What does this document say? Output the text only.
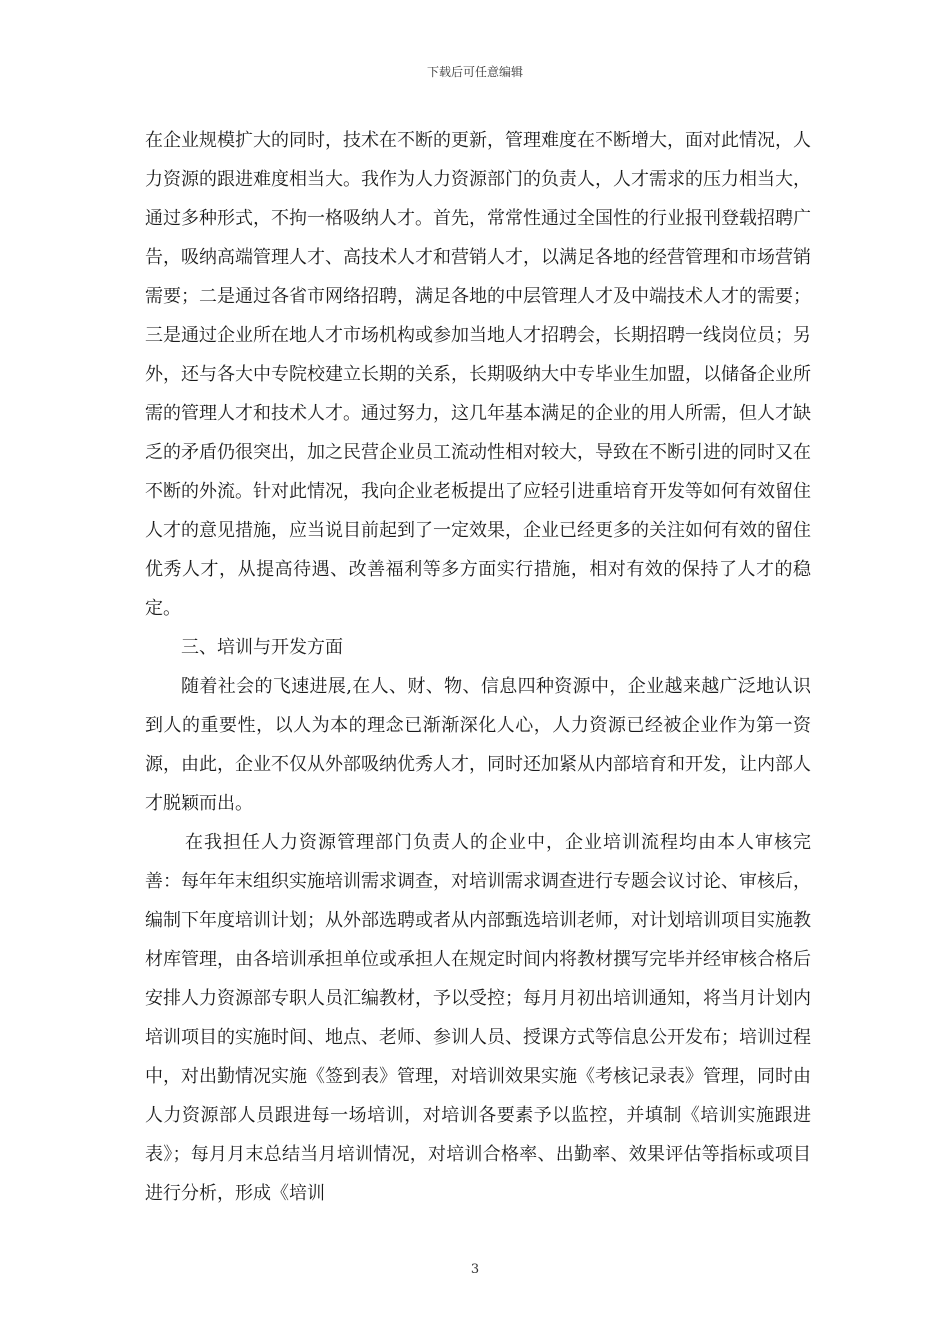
下载后可任意编辑

在企业规模扩大的同时，技术在不断的更新，管理难度在不断增大，面对此情况，人力资源的跟进难度相当大。我作为人力资源部门的负责人，人才需求的压力相当大，通过多种形式，不拘一格吸纳人才。首先，常常性通过全国性的行业报刊登载招聘广告，吸纳高端管理人才、高技术人才和营销人才，以满足各地的经营管理和市场营销需要；二是通过各省市网络招聘，满足各地的中层管理人才及中端技术人才的需要；三是通过企业所在地人才市场机构或参加当地人才招聘会，长期招聘一线岗位员；另外，还与各大中专院校建立长期的关系，长期吸纳大中专毕业生加盟，以储备企业所需的管理人才和技术人才。通过努力，这几年基本满足的企业的用人所需，但人才缺乏的矛盾仍很突出，加之民营企业员工流动性相对较大，导致在不断引进的同时又在不断的外流。针对此情况，我向企业老板提出了应轻引进重培育开发等如何有效留住人才的意见措施，应当说目前起到了一定效果，企业已经更多的关注如何有效的留住优秀人才，从提高待遇、改善福利等多方面实行措施，相对有效的保持了人才的稳定。

三、培训与开发方面

随着社会的飞速进展,在人、财、物、信息四种资源中，企业越来越广泛地认识到人的重要性，以人为本的理念已渐渐深化人心，人力资源已经被企业作为第一资源，由此，企业不仅从外部吸纳优秀人才，同时还加紧从内部培育和开发，让内部人才脱颖而出。

在我担任人力资源管理部门负责人的企业中，企业培训流程均由本人审核完善：每年年末组织实施培训需求调查，对培训需求调查进行专题会议讨论、审核后，编制下年度培训计划；从外部选聘或者从内部甄选培训老师，对计划培训项目实施教材库管理，由各培训承担单位或承担人在规定时间内将教材撰写完毕并经审核合格后安排人力资源部专职人员汇编教材，予以受控；每月月初出培训通知，将当月计划内培训项目的实施时间、地点、老师、参训人员、授课方式等信息公开发布；培训过程中，对出勤情况实施《签到表》管理，对培训效果实施《考核记录表》管理，同时由人力资源部人员跟进每一场培训，对培训各要素予以监控，并填制《培训实施跟进表》；每月月末总结当月培训情况，对培训合格率、出勤率、效果评估等指标或项目进行分析，形成《培训

3
